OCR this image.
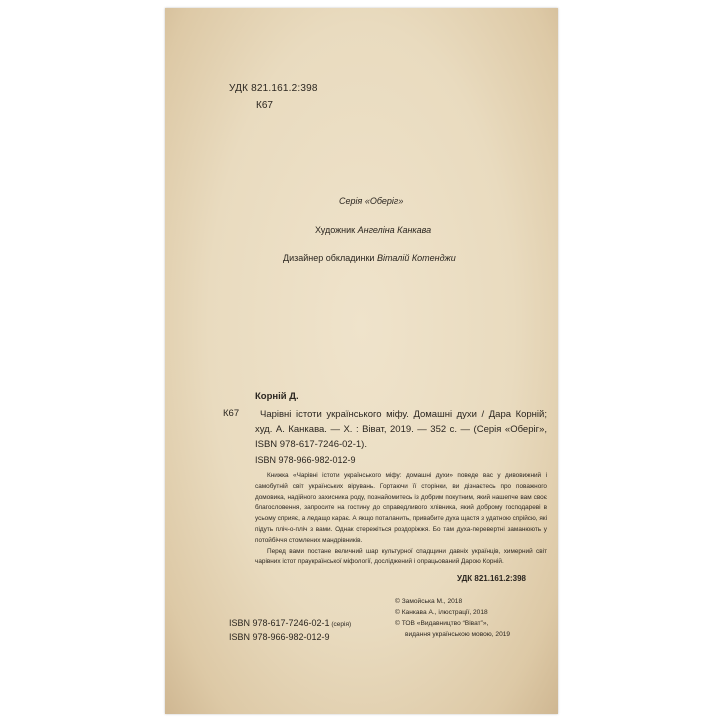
УДК 821.161.2:398
К67
Серія «Оберіг»
Художник Ангеліна Канкава
Дизайнер обкладинки Віталій Котенджи
Корній Д.
К67	Чарівні істоти українського міфу. Домашні духи / Дара Корній; худ. А. Канкава. — Х. : Віват, 2019. — 352 с. — (Серія «Оберіг», ISBN 978-617-7246-02-1).

ISBN 978-966-982-012-9

Книжка «Чарівні істоти українського міфу: домашні духи» поведе вас у дивовижний і самобутній світ українських вірувань. Гортаючи її сторінки, ви дізнаєтесь про поважного домовика, надійного захисника роду, познайомитесь із добрим покутним, який нашепче вам своє благословення, запросите на гостину до справедливого хлівника, який доброму господареві в усьому сприяє, а ледащо карає. А якщо поталанить, привабите духа щастя з удатною спрійсю, які підуть пліч-о-пліч з вами. Однак стережіться роздоріжжя. Бо там духа-перевертні заманюють у потойбіччя стомлених мандрівників.

Перед вами постане величний шар культурної спадщини давніх українців, химерний світ чарівних істот праукраїнської міфології, досліджений і опрацьований Дарою Корній.

УДК 821.161.2:398
ISBN 978-617-7246-02-1 (серія)
ISBN 978-966-982-012-9
© Замойська М., 2018
© Канкава А., ілюстрації, 2018
© ТОВ «Видавництво “Віват”»,
видання українською мовою, 2019
